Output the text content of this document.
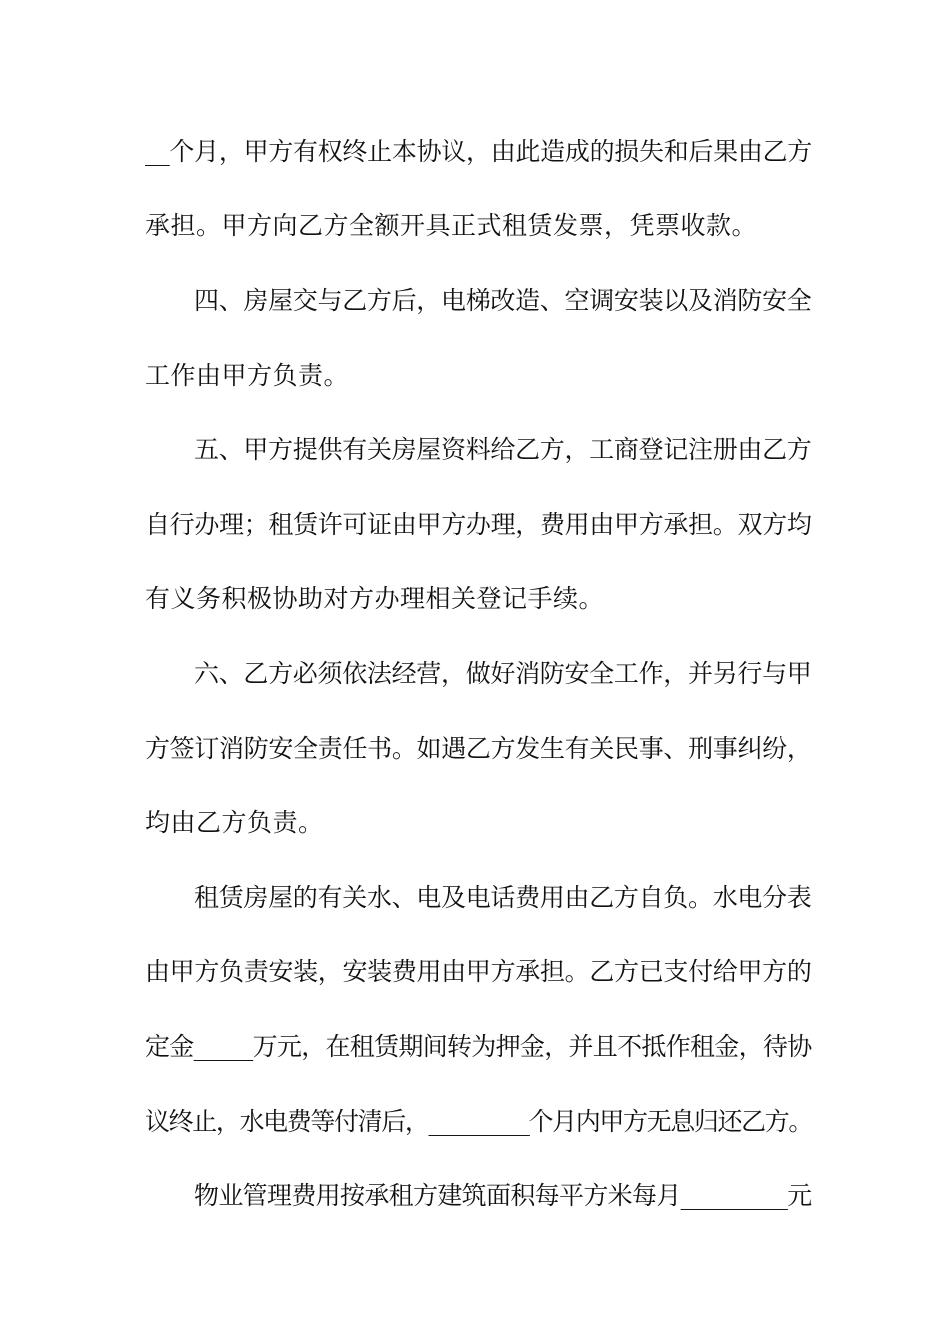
__个月，甲方有权终止本协议，由此造成的损失和后果由乙方
承担。甲方向乙方全额开具正式租赁发票，凭票收款。
四、房屋交与乙方后，电梯改造、空调安装以及消防安全
工作由甲方负责。
五、甲方提供有关房屋资料给乙方，工商登记注册由乙方
自行办理；租赁许可证由甲方办理，费用由甲方承担。双方均
有义务积极协助对方办理相关登记手续。
六、乙方必须依法经营，做好消防安全工作，并另行与甲
方签订消防安全责任书。如遇乙方发生有关民事、刑事纠纷，
均由乙方负责。
租赁房屋的有关水、电及电话费用由乙方自负。水电分表
由甲方负责安装，安装费用由甲方承担。乙方已支付给甲方的
定金_____万元，在租赁期间转为押金，并且不抵作租金，待协
议终止，水电费等付清后，_________个月内甲方无息归还乙方。
物业管理费用按承租方建筑面积每平方米每月_________元
